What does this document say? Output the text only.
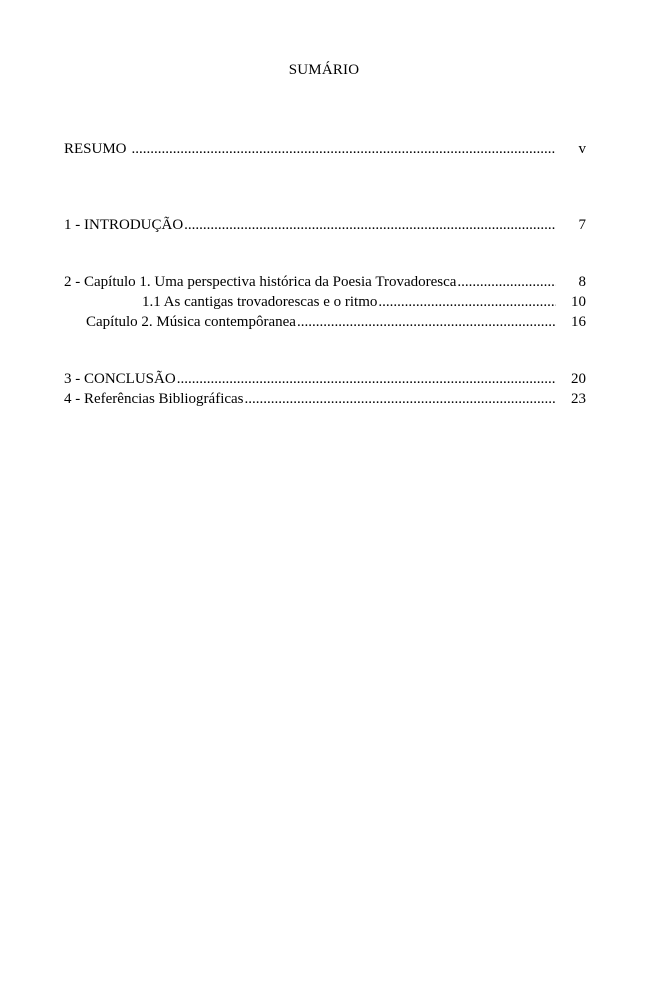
SUMÁRIO
RESUMO .....	v
1 - INTRODUÇÃO .....	7
2 - Capítulo 1. Uma perspectiva histórica da Poesia Trovadoresca .....	8
1.1 As cantigas trovadorescas e o ritmo .....	10
Capítulo 2. Música contempôranea .....	16
3 - CONCLUSÃO .....	20
4 - Referências Bibliográficas .....	23
